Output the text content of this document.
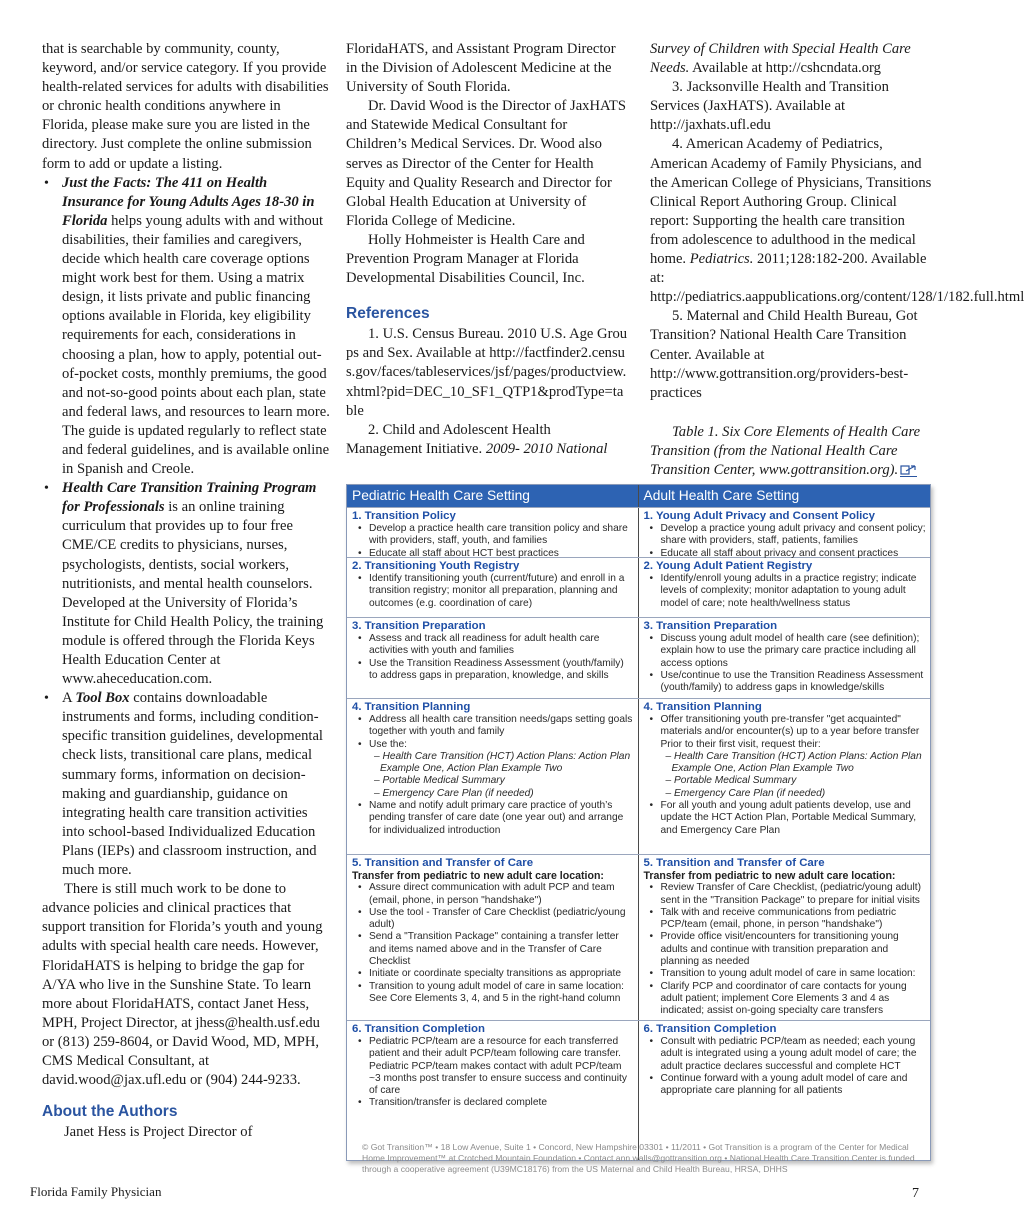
that is searchable by community, county, keyword, and/or service category. If you provide health-related services for adults with disabilities or chronic health conditions anywhere in Florida, please make sure you are listed in the directory. Just complete the online submission form to add or update a listing.

• Just the Facts: The 411 on Health Insurance for Young Adults Ages 18-30 in Florida helps young adults with and without disabilities, their families and caregivers, decide which health care coverage options might work best for them. Using a matrix design, it lists private and public financing options available in Florida, key eligibility requirements for each, considerations in choosing a plan, how to apply, potential out-of-pocket costs, monthly premiums, the good and not-so-good points about each plan, state and federal laws, and resources to learn more. The guide is updated regularly to reflect state and federal guidelines, and is available online in Spanish and Creole.
• Health Care Transition Training Program for Professionals is an online training curriculum that provides up to four free CME/CE credits to physicians, nurses, psychologists, dentists, social workers, nutritionists, and mental health counselors. Developed at the University of Florida’s Institute for Child Health Policy, the training module is offered through the Florida Keys Health Education Center at www.aheceducation.com.
• A Tool Box contains downloadable instruments and forms, including condition-specific transition guidelines, developmental check lists, transitional care plans, medical summary forms, information on decision-making and guardianship, guidance on integrating health care transition activities into school-based Individualized Education Plans (IEPs) and classroom instruction, and much more.

There is still much work to be done to advance policies and clinical practices that support transition for Florida’s youth and young adults with special health care needs. However, FloridaHATS is helping to bridge the gap for A/YA who live in the Sunshine State. To learn more about FloridaHATS, contact Janet Hess, MPH, Project Director, at jhess@health.usf.edu or (813) 259-8604, or David Wood, MD, MPH, CMS Medical Consultant, at david.wood@jax.ufl.edu or (904) 244-9233.

About the Authors

Janet Hess is Project Director of

FloridaHATS, and Assistant Program Director in the Division of Adolescent Medicine at the University of South Florida.

Dr. David Wood is the Director of JaxHATS and Statewide Medical Consultant for Children’s Medical Services. Dr. Wood also serves as Director of the Center for Health Equity and Quality Research and Director for Global Health Education at University of Florida College of Medicine.

Holly Hohmeister is Health Care and Prevention Program Manager at Florida Developmental Disabilities Council, Inc.

References

1. U.S. Census Bureau. 2010 U.S. Age Groups and Sex. Available at http://factfinder2.census.gov/faces/tableservices/jsf/pages/productview.xhtml?pid=DEC_10_SF1_QTP1&prodType=table

2. Child and Adolescent Health Management Initiative. 2009- 2010 National

Survey of Children with Special Health Care Needs. Available at http://cshcndata.org

3. Jacksonville Health and Transition Services (JaxHATS). Available at http://jaxhats.ufl.edu

4. American Academy of Pediatrics, American Academy of Family Physicians, and the American College of Physicians, Transitions Clinical Report Authoring Group. Clinical report: Supporting the health care transition from adolescence to adulthood in the medical home. Pediatrics. 2011;128:182-200. Available at: http://pediatrics.aappublications.org/content/128/1/182.full.html

5. Maternal and Child Health Bureau, Got Transition? National Health Care Transition Center. Available at http://www.gottransition.org/providers-best-practices

Table 1. Six Core Elements of Health Care Transition (from the National Health Care Transition Center, www.gottransition.org).

Pediatric Health Care Setting	Adult Health Care Setting
1. Transition Policy
• Develop a practice health care transition policy and share with providers, staff, youth, and families
• Educate all staff about HCT best practices
1. Young Adult Privacy and Consent Policy
• Develop a practice young adult privacy and consent policy; share with providers, staff, patients, families
• Educate all staff about privacy and consent practices
2. Transitioning Youth Registry
• Identify transitioning youth (current/future) and enroll in a transition registry; monitor all preparation, planning and outcomes (e.g. coordination of care)
2. Young Adult Patient Registry
• Identify/enroll young adults in a practice registry; indicate levels of complexity; monitor adaptation to young adult model of care; note health/wellness status
3. Transition Preparation
• Assess and track all readiness for adult health care activities with youth and families
• Use the Transition Readiness Assessment (youth/family) to address gaps in preparation, knowledge, and skills
3. Transition Preparation
• Discuss young adult model of health care (see definition); explain how to use the primary care practice including all access options
• Use/continue to use the Transition Readiness Assessment (youth/family) to address gaps in knowledge/skills
4. Transition Planning
• Address all health care transition needs/gaps setting goals together with youth and family
• Use the:
– Health Care Transition (HCT) Action Plans: Action Plan Example One, Action Plan Example Two
– Portable Medical Summary
– Emergency Care Plan (if needed)
• Name and notify adult primary care practice of youth’s pending transfer of care date (one year out) and arrange for individualized introduction
4. Transition Planning
• Offer transitioning youth pre-transfer "get acquainted" materials and/or encounter(s) up to a year before transfer Prior to their first visit, request their:
– Health Care Transition (HCT) Action Plans: Action Plan Example One, Action Plan Example Two
– Portable Medical Summary
– Emergency Care Plan (if needed)
• For all youth and young adult patients develop, use and update the HCT Action Plan, Portable Medical Summary, and Emergency Care Plan
5. Transition and Transfer of Care
Transfer from pediatric to new adult care location:
• Assure direct communication with adult PCP and team (email, phone, in person "handshake")
• Use the tool - Transfer of Care Checklist (pediatric/young adult)
• Send a "Transition Package" containing a transfer letter and items named above and in the Transfer of Care Checklist
• Initiate or coordinate specialty transitions as appropriate
• Transition to young adult model of care in same location: See Core Elements 3, 4, and 5 in the right-hand column
5. Transition and Transfer of Care
Transfer from pediatric to new adult care location:
• Review Transfer of Care Checklist, (pediatric/young adult) sent in the "Transition Package" to prepare for initial visits
• Talk with and receive communications from pediatric PCP/team (email, phone, in person "handshake")
• Provide office visit/encounters for transitioning young adults and continue with transition preparation and planning as needed
• Transition to young adult model of care in same location:
• Clarify PCP and coordinator of care contacts for young adult patient; implement Core Elements 3 and 4 as indicated; assist on-going specialty care transfers
6. Transition Completion
• Pediatric PCP/team are a resource for each transferred patient and their adult PCP/team following care transfer. Pediatric PCP/team makes contact with adult PCP/team ~3 months post transfer to ensure success and continuity of care
• Transition/transfer is declared complete
6. Transition Completion
• Consult with pediatric PCP/team as needed; each young adult is integrated using a young adult model of care; the adult practice declares successful and complete HCT
• Continue forward with a young adult model of care and appropriate care planning for all patients
© Got Transition™ • 18 Low Avenue, Suite 1 • Concord, New Hampshire 03301 • 11/2011 • Got Transition is a program of the Center for Medical Home Improvement™ at Crotched Mountain Foundation • Contact ann.walls@gottransition.org • National Health Care Transition Center is funded through a cooperative agreement (U39MC18176) from the US Maternal and Child Health Bureau, HRSA, DHHS
Florida Family Physician	7
